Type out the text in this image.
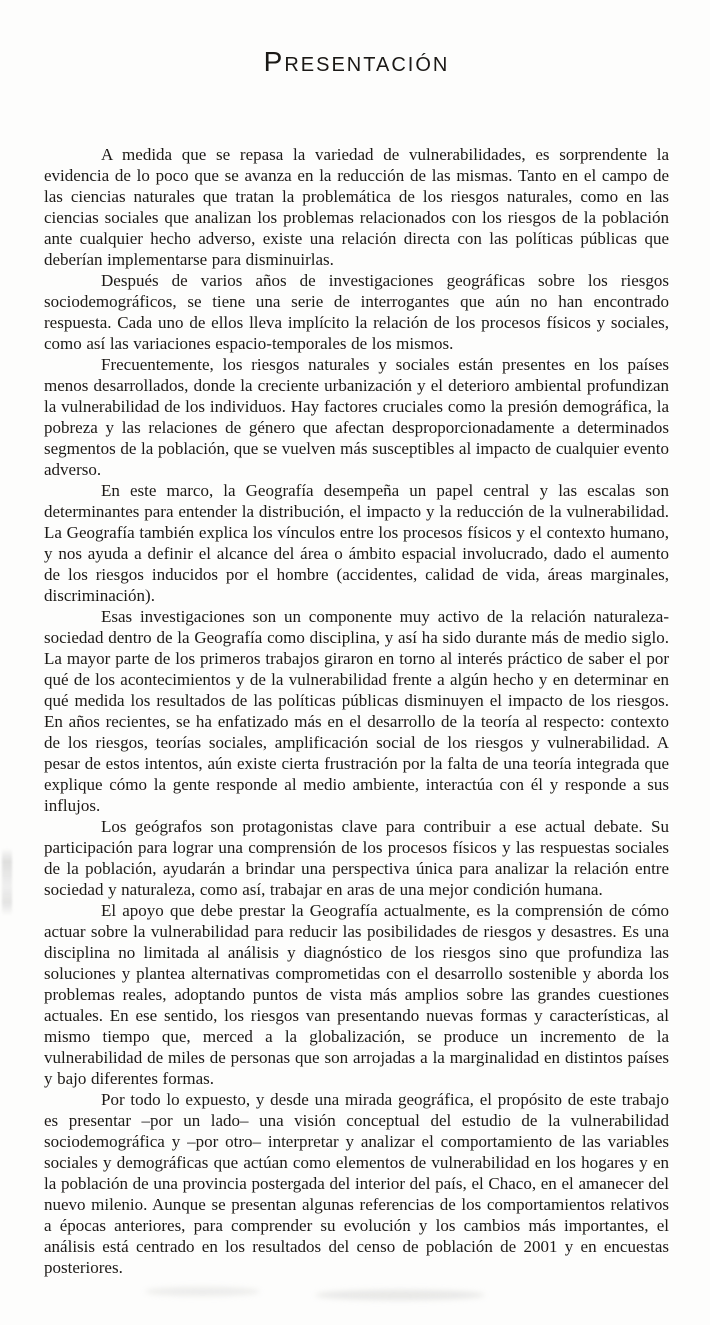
Presentación

A medida que se repasa la variedad de vulnerabilidades, es sorprendente la evidencia de lo poco que se avanza en la reducción de las mismas. Tanto en el campo de las ciencias naturales que tratan la problemática de los riesgos naturales, como en las ciencias sociales que analizan los problemas relacionados con los riesgos de la población ante cualquier hecho adverso, existe una relación directa con las políticas públicas que deberían implementarse para disminuirlas.

Después de varios años de investigaciones geográficas sobre los riesgos sociodemográficos, se tiene una serie de interrogantes que aún no han encontrado respuesta. Cada uno de ellos lleva implícito la relación de los procesos físicos y sociales, como así las variaciones espacio-temporales de los mismos.

Frecuentemente, los riesgos naturales y sociales están presentes en los países menos desarrollados, donde la creciente urbanización y el deterioro ambiental profundizan la vulnerabilidad de los individuos. Hay factores cruciales como la presión demográfica, la pobreza y las relaciones de género que afectan desproporcionadamente a determinados segmentos de la población, que se vuelven más susceptibles al impacto de cualquier evento adverso.

En este marco, la Geografía desempeña un papel central y las escalas son determinantes para entender la distribución, el impacto y la reducción de la vulnerabilidad. La Geografía también explica los vínculos entre los procesos físicos y el contexto humano, y nos ayuda a definir el alcance del área o ámbito espacial involucrado, dado el aumento de los riesgos inducidos por el hombre (accidentes, calidad de vida, áreas marginales, discriminación).

Esas investigaciones son un componente muy activo de la relación naturaleza-sociedad dentro de la Geografía como disciplina, y así ha sido durante más de medio siglo. La mayor parte de los primeros trabajos giraron en torno al interés práctico de saber el por qué de los acontecimientos y de la vulnerabilidad frente a algún hecho y en determinar en qué medida los resultados de las políticas públicas disminuyen el impacto de los riesgos. En años recientes, se ha enfatizado más en el desarrollo de la teoría al respecto: contexto de los riesgos, teorías sociales, amplificación social de los riesgos y vulnerabilidad. A pesar de estos intentos, aún existe cierta frustración por la falta de una teoría integrada que explique cómo la gente responde al medio ambiente, interactúa con él y responde a sus influjos.

Los geógrafos son protagonistas clave para contribuir a ese actual debate. Su participación para lograr una comprensión de los procesos físicos y las respuestas sociales de la población, ayudarán a brindar una perspectiva única para analizar la relación entre sociedad y naturaleza, como así, trabajar en aras de una mejor condición humana.

El apoyo que debe prestar la Geografía actualmente, es la comprensión de cómo actuar sobre la vulnerabilidad para reducir las posibilidades de riesgos y desastres. Es una disciplina no limitada al análisis y diagnóstico de los riesgos sino que profundiza las soluciones y plantea alternativas comprometidas con el desarrollo sostenible y aborda los problemas reales, adoptando puntos de vista más amplios sobre las grandes cuestiones actuales. En ese sentido, los riesgos van presentando nuevas formas y características, al mismo tiempo que, merced a la globalización, se produce un incremento de la vulnerabilidad de miles de personas que son arrojadas a la marginalidad en distintos países y bajo diferentes formas.

Por todo lo expuesto, y desde una mirada geográfica, el propósito de este trabajo es presentar –por un lado– una visión conceptual del estudio de la vulnerabilidad sociodemográfica y –por otro– interpretar y analizar el comportamiento de las variables sociales y demográficas que actúan como elementos de vulnerabilidad en los hogares y en la población de una provincia postergada del interior del país, el Chaco, en el amanecer del nuevo milenio. Aunque se presentan algunas referencias de los comportamientos relativos a épocas anteriores, para comprender su evolución y los cambios más importantes, el análisis está centrado en los resultados del censo de población de 2001 y en encuestas posteriores.
